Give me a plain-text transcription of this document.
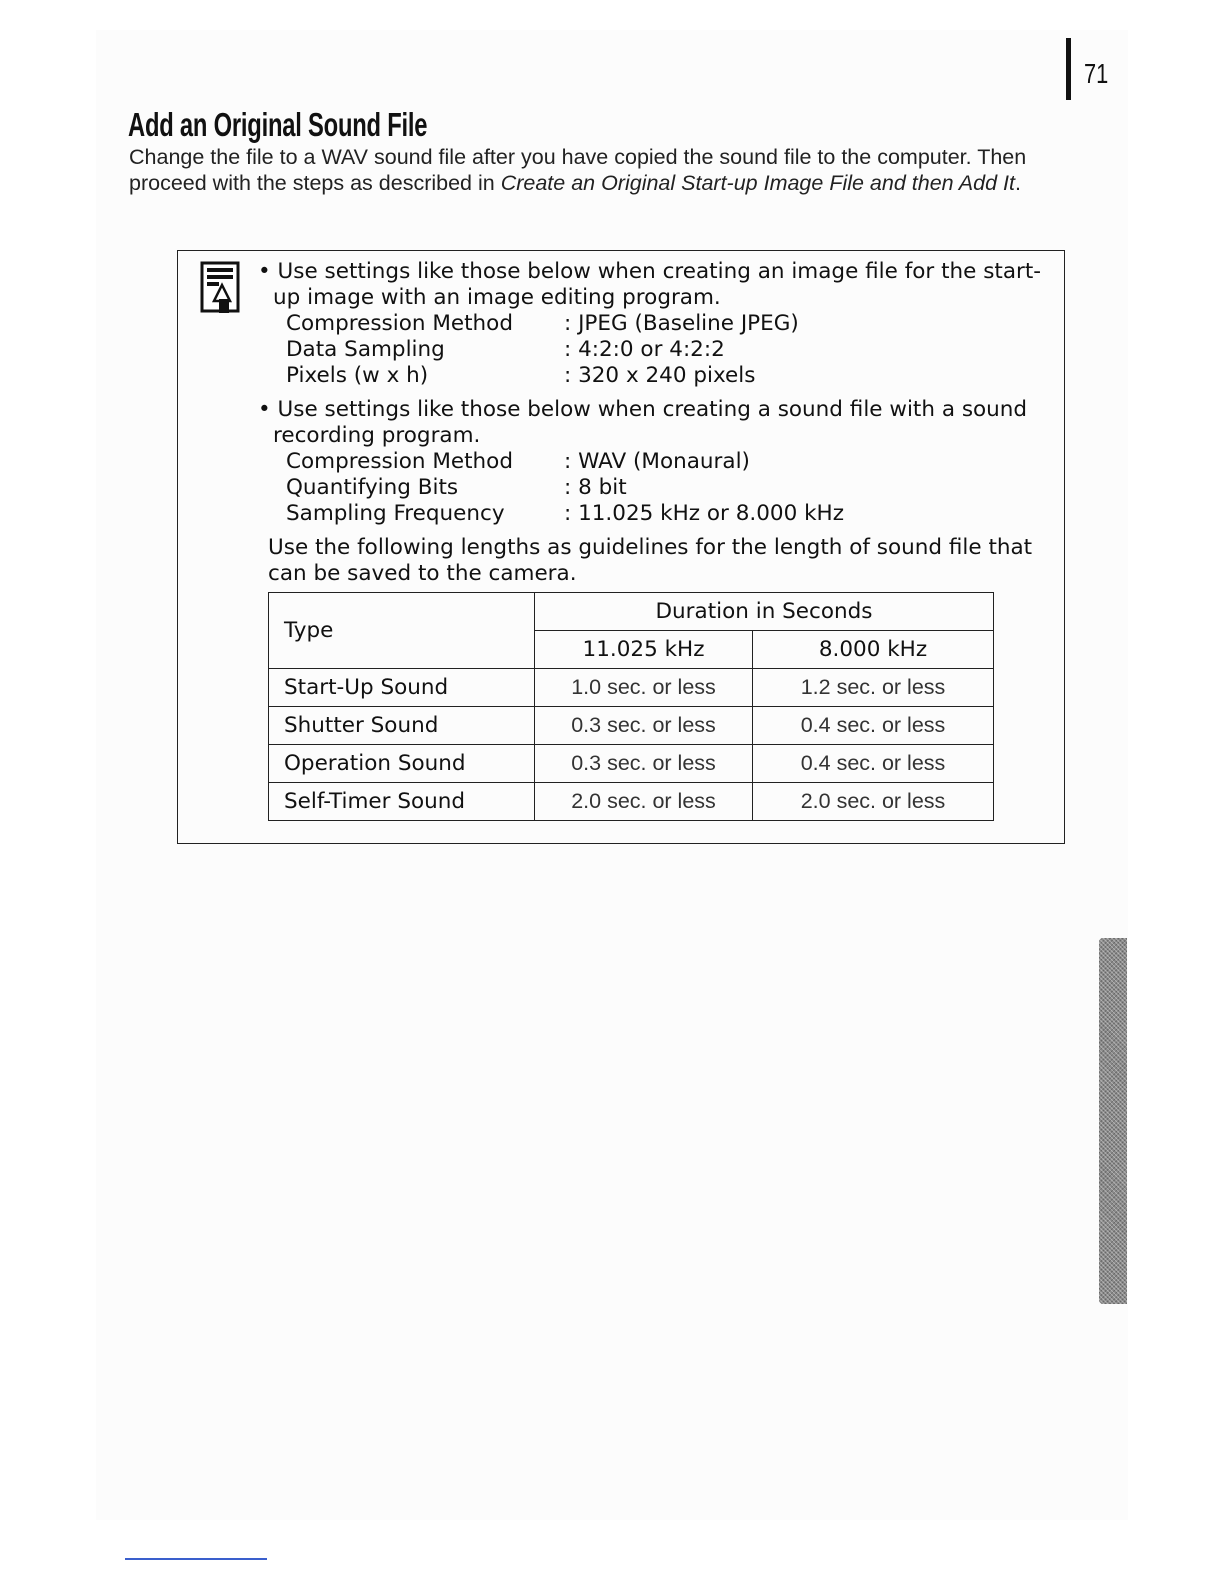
71
Add an Original Sound File
Change the file to a WAV sound file after you have copied the sound file to the computer. Then proceed with the steps as described in Create an Original Start-up Image File and then Add It.

• Use settings like those below when creating an image file for the start-

up image with an image editing program.

Compression Method	: JPEG (Baseline JPEG)
Data Sampling	: 4:2:0 or 4:2:2
Pixels (w x h)	: 320 x 240 pixels

• Use settings like those below when creating a sound file with a sound

recording program.

Compression Method	: WAV (Monaural)
Quantifying Bits	: 8 bit
Sampling Frequency	: 11.025 kHz or 8.000 kHz

Use the following lengths as guidelines for the length of sound file that

can be saved to the camera.

Type	Duration in Seconds	
	11.025 kHz	8.000 kHz
Start-Up Sound	1.0 sec. or less	1.2 sec. or less
Shutter Sound	0.3 sec. or less	0.4 sec. or less
Operation Sound	0.3 sec. or less	0.4 sec. or less
Self-Timer Sound	2.0 sec. or less	2.0 sec. or less
